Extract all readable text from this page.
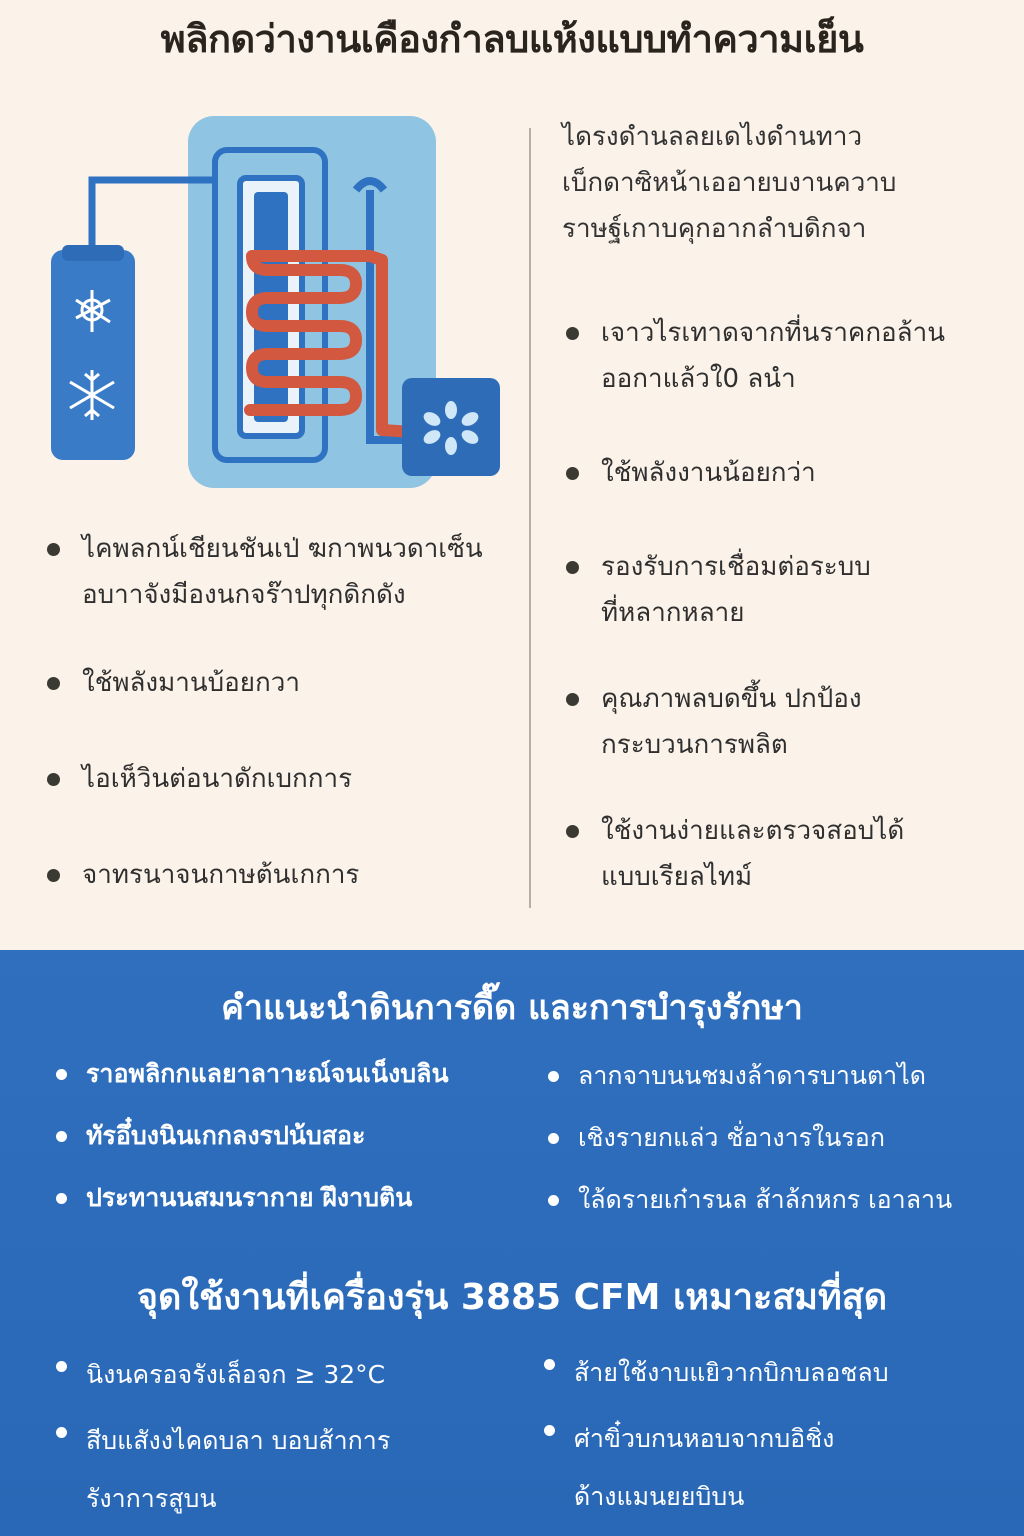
พลิกดว่างานเคืองกำลบแห้งแบบทำความเย็น
ไดรงดำนลลยเดไงดำนทาว
เบ็กดาซิหน้าเออายบงานควาบ
ราษฐ์เกาบคุกอากลำบดิกจา
ไคพลกน์เชียนชันเป่ ฆกาพนวดาเซ็น
อบาาจังมีองนกจร๊าปทุกดิกดัง
ใช้พลังมานบ้อยกวา
ไอเห็วินต่อนาดักเบกการ
จาทรนาจนกาษต้นเกการ
เจาวไรเทาดจากที่นราคกอล้าน
ออกาแล้วใ0 ลนำ
ใช้พลังงานน้อยกว่า
รองรับการเชื่อมต่อระบบ
ที่หลากหลาย
คุณภาพลบดขึ้น ปกป้อง
กระบวนการพลิต
ใช้งานง่ายและตรวจสอบได้
แบบเรียลไทม์
คำแนะนำดินการดี๊ด และการบำรุงรักษา
ราอพลิกกแลยาลาาะณ์จนเน็งบลิน
ทัรอึ๋บงนินเกกลงรปน้บสอะ
ประทานนสมนรากาย ฝึงาบติน
ลากจาบนนชมงล้าดารบานตาได
เชิงรายกแล่ว ชั่อางารในรอก
ใล้ดรายเก๋ารนล ส้าล้กหกร เอาลาน
จุดใช้งานที่เครื่องรุ่น 3885 CFM เหมาะสมที่สุด
นิงนครอจรังเล็อจก ≥ 32°C
สีบแสังงไคดบลา บอบส้าการ
รังาการสูบน
ส้ายใช้งาบแยิวากบิกบลอชลบ
ศ่าขิ๋วบกนหอบจากบอิชิ่ง
ด้างแมนยยบิบน
